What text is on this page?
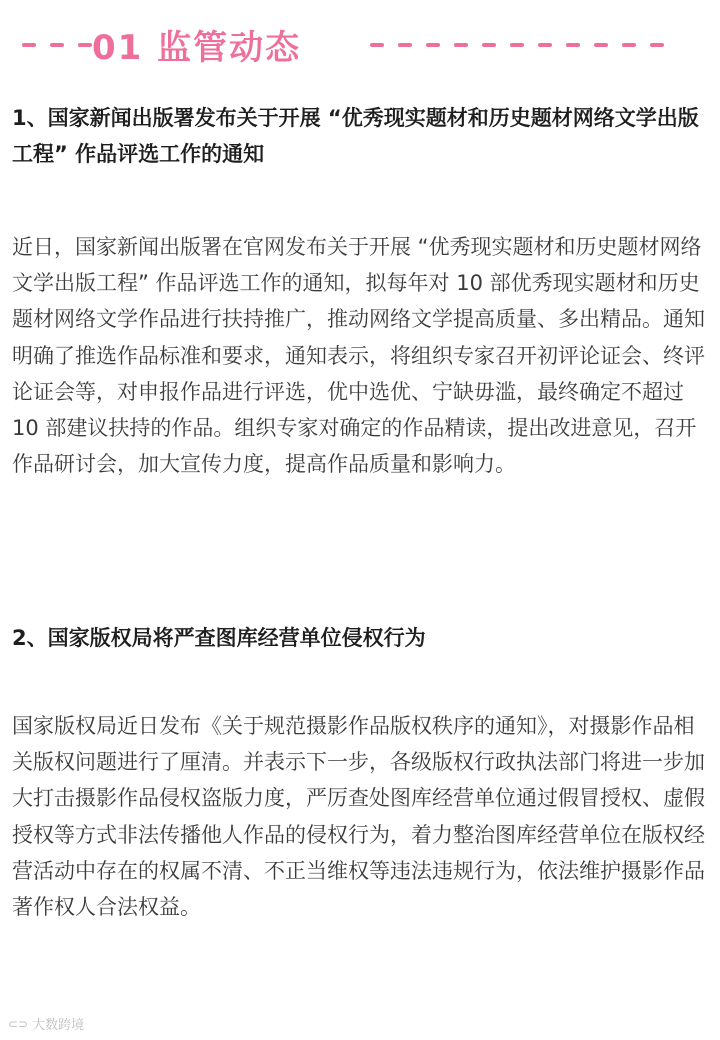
01 监管动态
1、国家新闻出版署发布关于开展 “优秀现实题材和历史题材网络文学出版工程” 作品评选工作的通知
近日，国家新闻出版署在官网发布关于开展 “优秀现实题材和历史题材网络文学出版工程” 作品评选工作的通知，拟每年对 10 部优秀现实题材和历史题材网络文学作品进行扶持推广，推动网络文学提高质量、多出精品。通知明确了推选作品标准和要求，通知表示，将组织专家召开初评论证会、终评论证会等，对申报作品进行评选，优中选优、宁缺毋滥，最终确定不超过 10 部建议扶持的作品。组织专家对确定的作品精读，提出改进意见，召开作品研讨会，加大宣传力度，提高作品质量和影响力。
2、国家版权局将严查图库经营单位侵权行为
国家版权局近日发布《关于规范摄影作品版权秩序的通知》，对摄影作品相关版权问题进行了厘清。并表示下一步，各级版权行政执法部门将进一步加大打击摄影作品侵权盗版力度，严厉查处图库经营单位通过假冒授权、虚假授权等方式非法传播他人作品的侵权行为，着力整治图库经营单位在版权经营活动中存在的权属不清、不正当维权等违法违规行为，依法维护摄影作品著作权人合法权益。
⊂⊃ 大数跨境
